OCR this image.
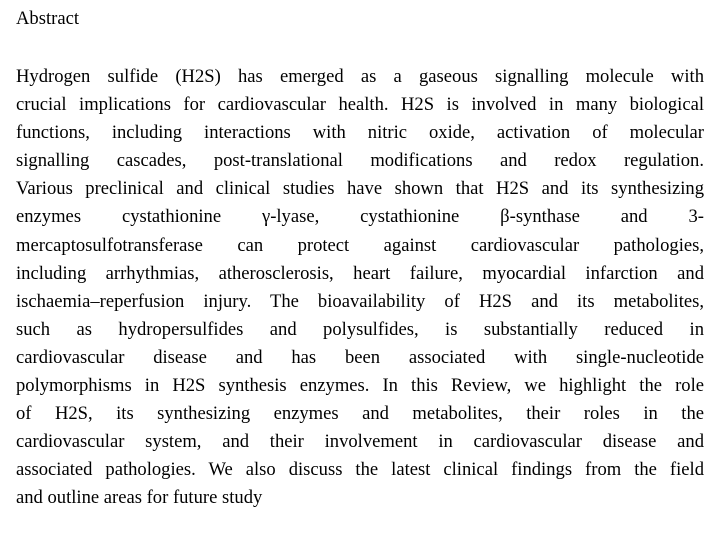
Abstract
Hydrogen sulfide (H2S) has emerged as a gaseous signalling molecule with
crucial implications for cardiovascular health. H2S is involved in many biological
functions, including interactions with nitric oxide, activation of molecular
signalling cascades, post-translational modifications and redox regulation.
Various preclinical and clinical studies have shown that H2S and its synthesizing
enzymes cystathionine γ-lyase, cystathionine β-synthase and 3-
mercaptosulfotransferase can protect against cardiovascular pathologies,
including arrhythmias, atherosclerosis, heart failure, myocardial infarction and
ischaemia–reperfusion injury. The bioavailability of H2S and its metabolites,
such as hydropersulfides and polysulfides, is substantially reduced in
cardiovascular disease and has been associated with single-nucleotide
polymorphisms in H2S synthesis enzymes. In this Review, we highlight the role
of H2S, its synthesizing enzymes and metabolites, their roles in the
cardiovascular system, and their involvement in cardiovascular disease and
associated pathologies. We also discuss the latest clinical findings from the field
and outline areas for future study
